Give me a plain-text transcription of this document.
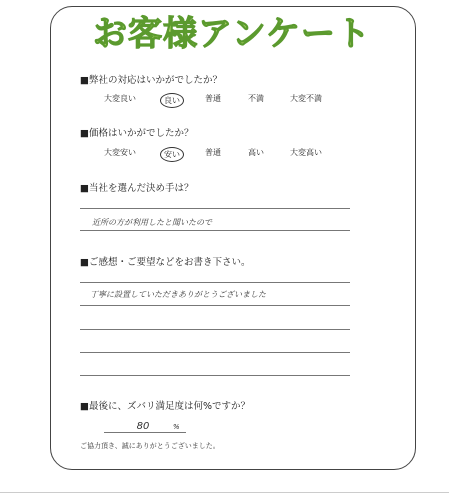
お客様アンケート
■弊社の対応はいかがでしたか？
大変良い	良い	普通	不満	大変不満
■価格はいかがでしたか？
大変安い	安い	普通	高い	大変高い
■当社を選んだ決め手は？
近所の方が利用したと聞いたので
■ご感想・ご要望などをお書き下さい。
丁寧に設置していただきありがとうございました
■最後に、ズバリ満足度は何%ですか？
80	%
ご協力頂き、誠にありがとうございました。
